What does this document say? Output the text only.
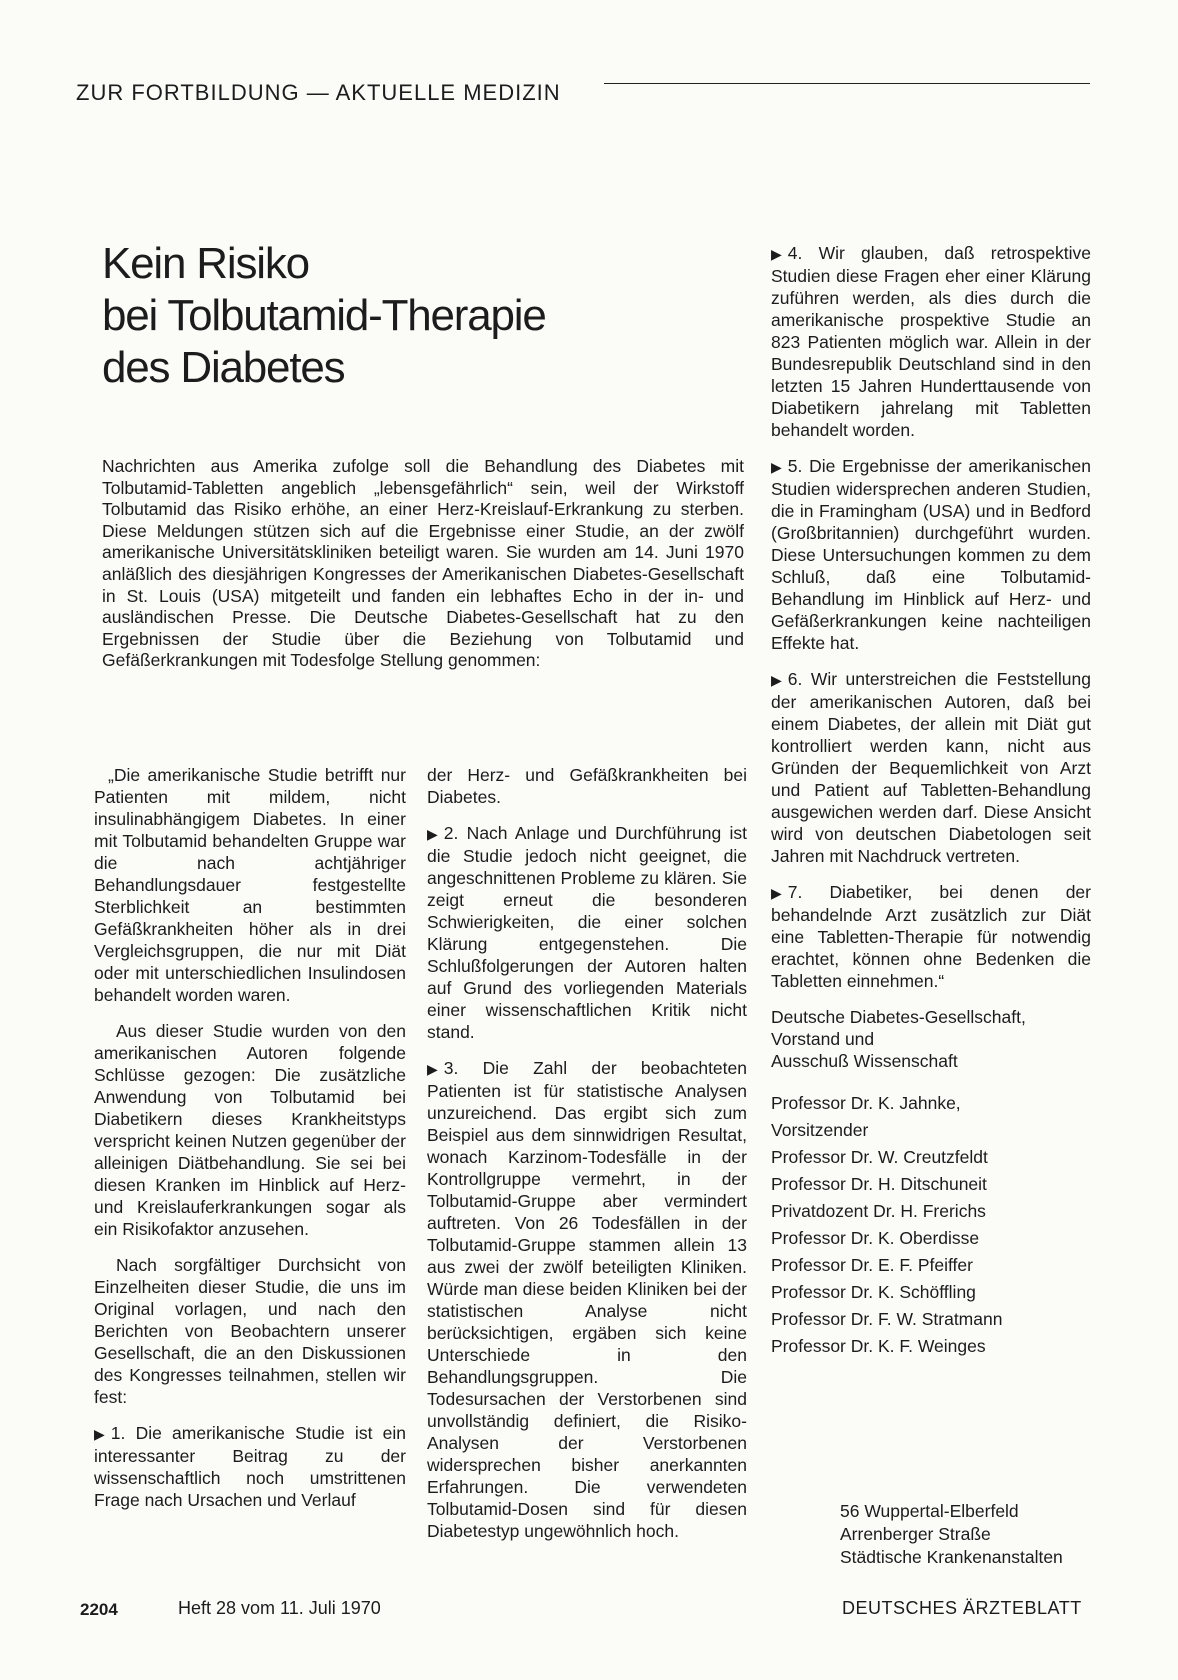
ZUR FORTBILDUNG — AKTUELLE MEDIZIN
Kein Risiko
bei Tolbutamid-Therapie
des Diabetes

Nachrichten aus Amerika zufolge soll die Behandlung des Diabetes mit Tolbutamid-Tabletten angeblich „lebensgefährlich“ sein, weil der Wirkstoff Tolbutamid das Risiko erhöhe, an einer Herz-Kreislauf-Erkrankung zu sterben. Diese Meldungen stützen sich auf die Ergebnisse einer Studie, an der zwölf amerikanische Universitätskliniken beteiligt waren. Sie wurden am 14. Juni 1970 anläßlich des diesjährigen Kongresses der Amerikanischen Diabetes-Gesellschaft in St. Louis (USA) mitgeteilt und fanden ein lebhaftes Echo in der in- und ausländischen Presse. Die Deutsche Diabetes-Gesellschaft hat zu den Ergebnissen der Studie über die Beziehung von Tolbutamid und Gefäßerkrankungen mit Todesfolge Stellung genommen:

„Die amerikanische Studie betrifft nur Patienten mit mildem, nicht insulinabhängigem Diabetes. In einer mit Tolbutamid behandelten Gruppe war die nach achtjähriger Behandlungsdauer festgestellte Sterblichkeit an bestimmten Gefäßkrankheiten höher als in drei Vergleichsgruppen, die nur mit Diät oder mit unterschiedlichen Insulindosen behandelt worden waren.

Aus dieser Studie wurden von den amerikanischen Autoren folgende Schlüsse gezogen: Die zusätzliche Anwendung von Tolbutamid bei Diabetikern dieses Krankheitstyps verspricht keinen Nutzen gegenüber der alleinigen Diätbehandlung. Sie sei bei diesen Kranken im Hinblick auf Herz- und Kreislauferkrankungen sogar als ein Risikofaktor anzusehen.

Nach sorgfältiger Durchsicht von Einzelheiten dieser Studie, die uns im Original vorlagen, und nach den Berichten von Beobachtern unserer Gesellschaft, die an den Diskussionen des Kongresses teilnahmen, stellen wir fest:

▶ 1. Die amerikanische Studie ist ein interessanter Beitrag zu der wissenschaftlich noch umstrittenen Frage nach Ursachen und Verlauf

der Herz- und Gefäßkrankheiten bei Diabetes.

▶ 2. Nach Anlage und Durchführung ist die Studie jedoch nicht geeignet, die angeschnittenen Probleme zu klären. Sie zeigt erneut die besonderen Schwierigkeiten, die einer solchen Klärung entgegenstehen. Die Schlußfolgerungen der Autoren halten auf Grund des vorliegenden Materials einer wissenschaftlichen Kritik nicht stand.

▶ 3. Die Zahl der beobachteten Patienten ist für statistische Analysen unzureichend. Das ergibt sich zum Beispiel aus dem sinnwidrigen Resultat, wonach Karzinom-Todesfälle in der Kontrollgruppe vermehrt, in der Tolbutamid-Gruppe aber vermindert auftreten. Von 26 Todesfällen in der Tolbutamid-Gruppe stammen allein 13 aus zwei der zwölf beteiligten Kliniken. Würde man diese beiden Kliniken bei der statistischen Analyse nicht berücksichtigen, ergäben sich keine Unterschiede in den Behandlungsgruppen. Die Todesursachen der Verstorbenen sind unvollständig definiert, die Risiko-Analysen der Verstorbenen widersprechen bisher anerkannten Erfahrungen. Die verwendeten Tolbutamid-Dosen sind für diesen Diabetestyp ungewöhnlich hoch.

▶ 4. Wir glauben, daß retrospektive Studien diese Fragen eher einer Klärung zuführen werden, als dies durch die amerikanische prospektive Studie an 823 Patienten möglich war. Allein in der Bundesrepublik Deutschland sind in den letzten 15 Jahren Hunderttausende von Diabetikern jahrelang mit Tabletten behandelt worden.

▶ 5. Die Ergebnisse der amerikanischen Studien widersprechen anderen Studien, die in Framingham (USA) und in Bedford (Großbritannien) durchgeführt wurden. Diese Untersuchungen kommen zu dem Schluß, daß eine Tolbutamid-Behandlung im Hinblick auf Herz- und Gefäßerkrankungen keine nachteiligen Effekte hat.

▶ 6. Wir unterstreichen die Feststellung der amerikanischen Autoren, daß bei einem Diabetes, der allein mit Diät gut kontrolliert werden kann, nicht aus Gründen der Bequemlichkeit von Arzt und Patient auf Tabletten-Behandlung ausgewichen werden darf. Diese Ansicht wird von deutschen Diabetologen seit Jahren mit Nachdruck vertreten.

▶ 7. Diabetiker, bei denen der behandelnde Arzt zusätzlich zur Diät eine Tabletten-Therapie für notwendig erachtet, können ohne Bedenken die Tabletten einnehmen.“

Deutsche Diabetes-Gesellschaft,
Vorstand und
Ausschuß Wissenschaft

Professor Dr. K. Jahnke,
Vorsitzender
Professor Dr. W. Creutzfeldt
Professor Dr. H. Ditschuneit
Privatdozent Dr. H. Frerichs
Professor Dr. K. Oberdisse
Professor Dr. E. F. Pfeiffer
Professor Dr. K. Schöffling
Professor Dr. F. W. Stratmann
Professor Dr. K. F. Weinges
56 Wuppertal-Elberfeld
Arrenberger Straße
Städtische Krankenanstalten
2204	Heft 28 vom 11. Juli 1970	DEUTSCHES ÄRZTEBLATT
